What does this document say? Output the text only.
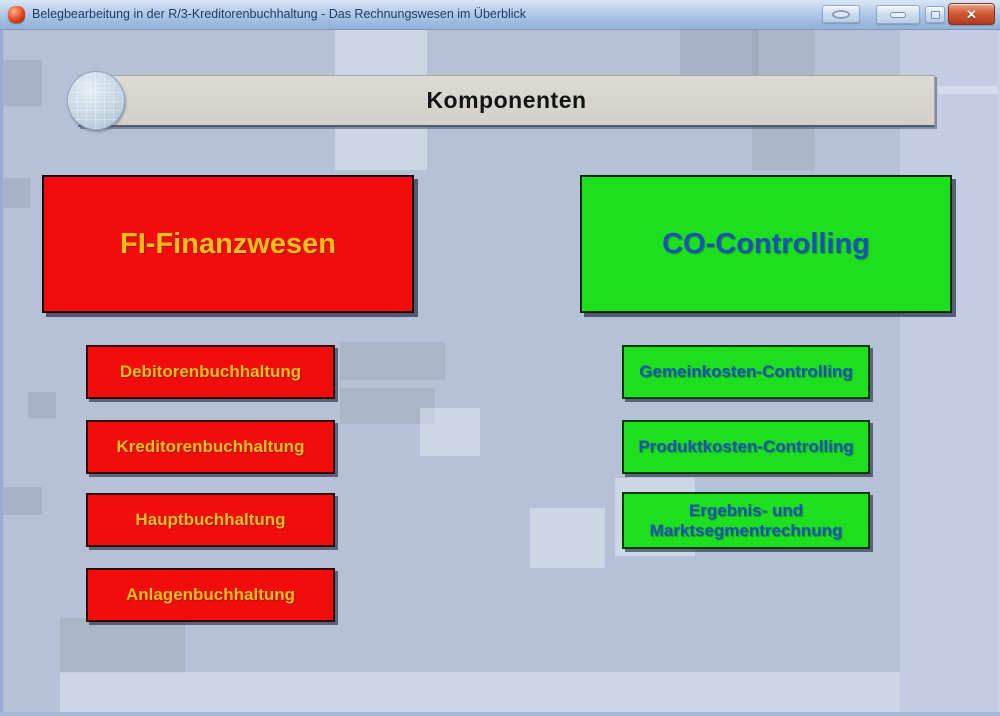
Belegbearbeitung in der R/3-Kreditorenbuchhaltung - Das Rechnungswesen im Überblick	✕
Komponenten
FI-Finanzwesen	CO-Controlling
Debitorenbuchhaltung
Kreditorenbuchhaltung
Hauptbuchhaltung
Anlagenbuchhaltung
Gemeinkosten-Controlling
Produktkosten-Controlling
Ergebnis- und Marktsegmentrechnung
